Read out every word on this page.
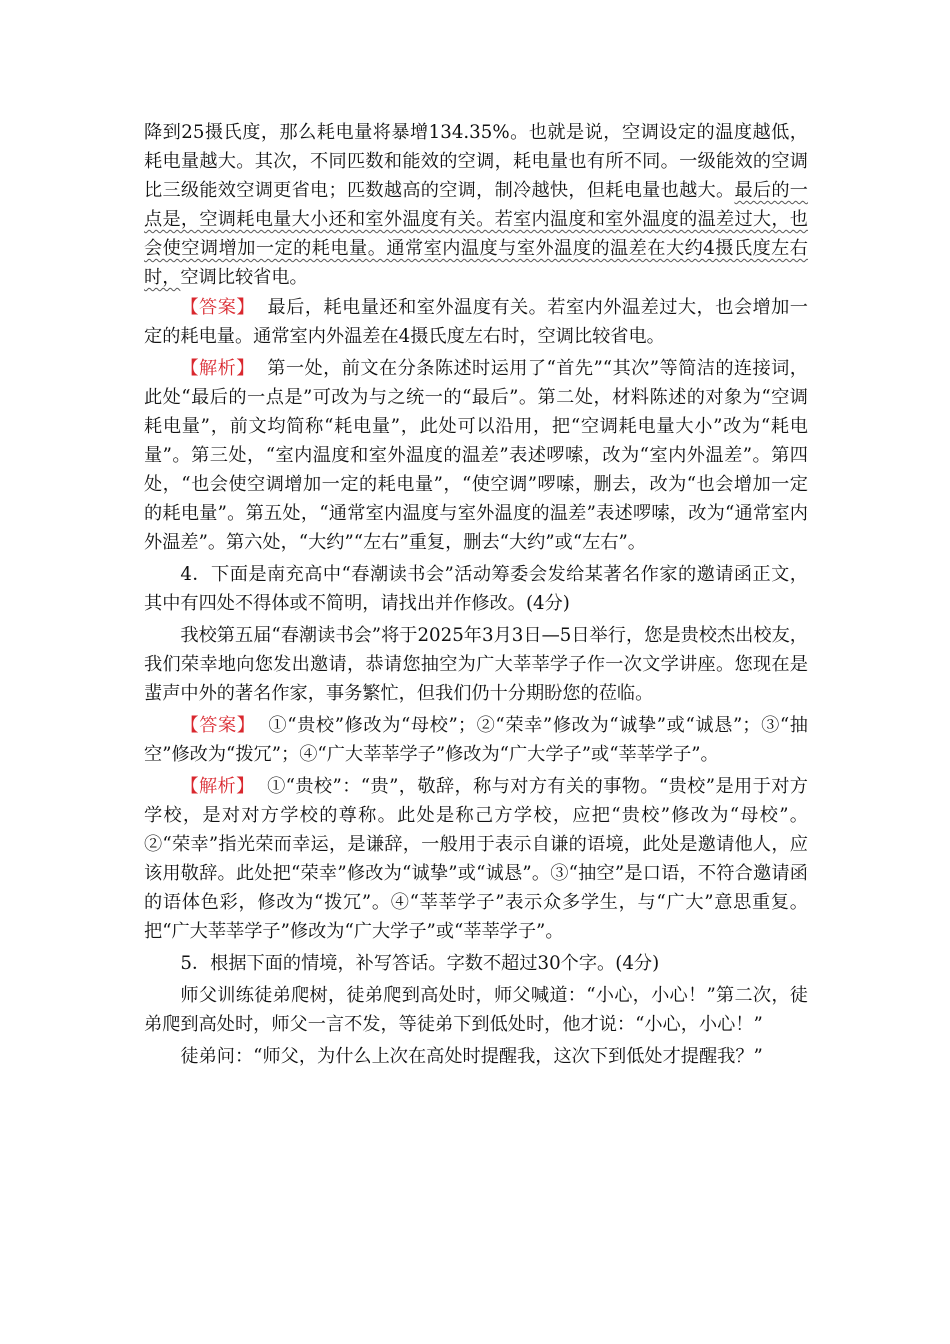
降到25摄氏度，那么耗电量将暴增134.35%。也就是说，空调设定的温度越低，耗电量越大。其次，不同匹数和能效的空调，耗电量也有所不同。一级能效的空调比三级能效空调更省电；匹数越高的空调，制冷越快，但耗电量也越大。最后的一点是，空调耗电量大小还和室外温度有关。若室内温度和室外温度的温差过大，也会使空调增加一定的耗电量。通常室内温度与室外温度的温差在大约4摄氏度左右时，空调比较省电。

【答案】 最后，耗电量还和室外温度有关。若室内外温差过大，也会增加一定的耗电量。通常室内外温差在4摄氏度左右时，空调比较省电。

【解析】 第一处，前文在分条陈述时运用了“首先”“其次”等简洁的连接词，此处“最后的一点是”可改为与之统一的“最后”。第二处，材料陈述的对象为“空调耗电量”，前文均简称“耗电量”，此处可以沿用，把“空调耗电量大小”改为“耗电量”。第三处，“室内温度和室外温度的温差”表述啰嗦，改为“室内外温差”。第四处，“也会使空调增加一定的耗电量”，“使空调”啰嗦，删去，改为“也会增加一定的耗电量”。第五处，“通常室内温度与室外温度的温差”表述啰嗦，改为“通常室内外温差”。第六处，“大约”“左右”重复，删去“大约”或“左右”。

4．下面是南充高中“春潮读书会”活动筹委会发给某著名作家的邀请函正文，其中有四处不得体或不简明，请找出并作修改。(4分)

我校第五届“春潮读书会”将于2025年3月3日—5日举行，您是贵校杰出校友，我们荣幸地向您发出邀请，恭请您抽空为广大莘莘学子作一次文学讲座。您现在是蜚声中外的著名作家，事务繁忙，但我们仍十分期盼您的莅临。

【答案】 ①“贵校”修改为“母校”；②“荣幸”修改为“诚挚”或“诚恳”；③“抽空”修改为“拨冗”；④“广大莘莘学子”修改为“广大学子”或“莘莘学子”。

【解析】 ①“贵校”：“贵”，敬辞，称与对方有关的事物。“贵校”是用于对方学校，是对对方学校的尊称。此处是称己方学校，应把“贵校”修改为“母校”。②“荣幸”指光荣而幸运，是谦辞，一般用于表示自谦的语境，此处是邀请他人，应该用敬辞。此处把“荣幸”修改为“诚挚”或“诚恳”。③“抽空”是口语，不符合邀请函的语体色彩，修改为“拨冗”。④“莘莘学子”表示众多学生，与“广大”意思重复。把“广大莘莘学子”修改为“广大学子”或“莘莘学子”。

5．根据下面的情境，补写答话。字数不超过30个字。(4分)

师父训练徒弟爬树，徒弟爬到高处时，师父喊道：“小心，小心！”第二次，徒弟爬到高处时，师父一言不发，等徒弟下到低处时，他才说：“小心，小心！”

徒弟问：“师父，为什么上次在高处时提醒我，这次下到低处才提醒我？”
